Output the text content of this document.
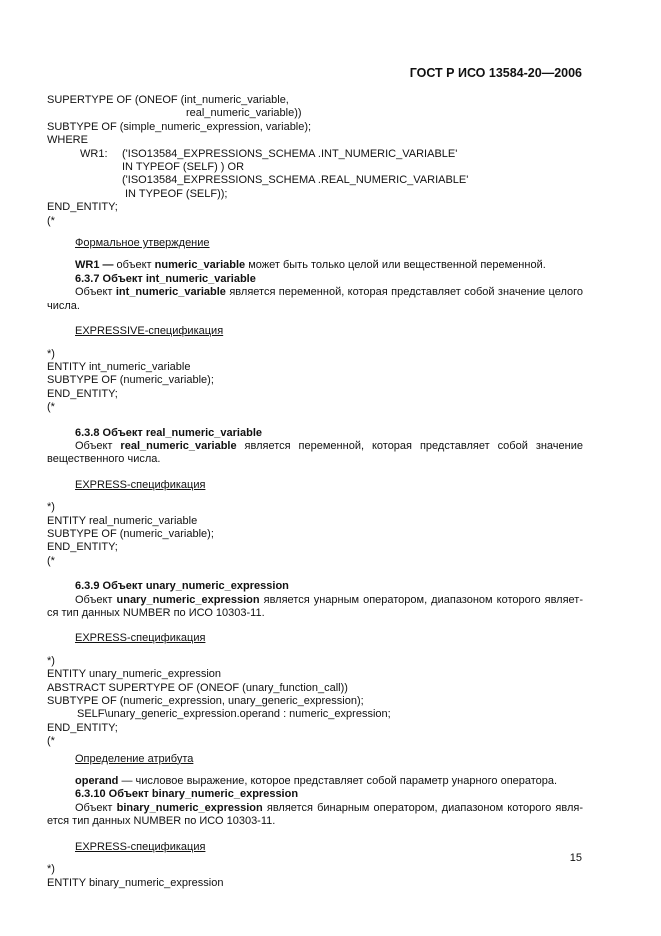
ГОСТ Р ИСО 13584-20—2006
SUPERTYPE OF (ONEOF (int_numeric_variable,
real_numeric_variable))
SUBTYPE OF (simple_numeric_expression, variable);
WHERE
WR1: ('ISO13584_EXPRESSIONS_SCHEMA .INT_NUMERIC_VARIABLE'
IN TYPEOF (SELF) ) OR
('ISO13584_EXPRESSIONS_SCHEMA .REAL_NUMERIC_VARIABLE'
IN TYPEOF (SELF));
END_ENTITY;
(*
Формальное утверждение
WR1 — объект numeric_variable может быть только целой или вещественной переменной.
6.3.7 Объект int_numeric_variable
Объект int_numeric_variable является переменной, которая представляет собой значение целого числа.
EXPRESSIVE-спецификация
*)
ENTITY int_numeric_variable
SUBTYPE OF (numeric_variable);
END_ENTITY;
(*
6.3.8 Объект real_numeric_variable
Объект real_numeric_variable является переменной, которая представляет собой значение вещественного числа.
EXPRESS-спецификация
*)
ENTITY real_numeric_variable
SUBTYPE OF (numeric_variable);
END_ENTITY;
(*
6.3.9 Объект unary_numeric_expression
Объект unary_numeric_expression является унарным оператором, диапазоном которого являет-ся тип данных NUMBER по ИСО 10303-11.
EXPRESS-спецификация
*)
ENTITY unary_numeric_expression
ABSTRACT SUPERTYPE OF (ONEOF (unary_function_call))
SUBTYPE OF (numeric_expression, unary_generic_expression);
SELF\unary_generic_expression.operand : numeric_expression;
END_ENTITY;
(*
Определение атрибута
operand — числовое выражение, которое представляет собой параметр унарного оператора.
6.3.10 Объект binary_numeric_expression
Объект binary_numeric_expression является бинарным оператором, диапазоном которого явля-ется тип данных NUMBER по ИСО 10303-11.
EXPRESS-спецификация
*)
ENTITY binary_numeric_expression
15
